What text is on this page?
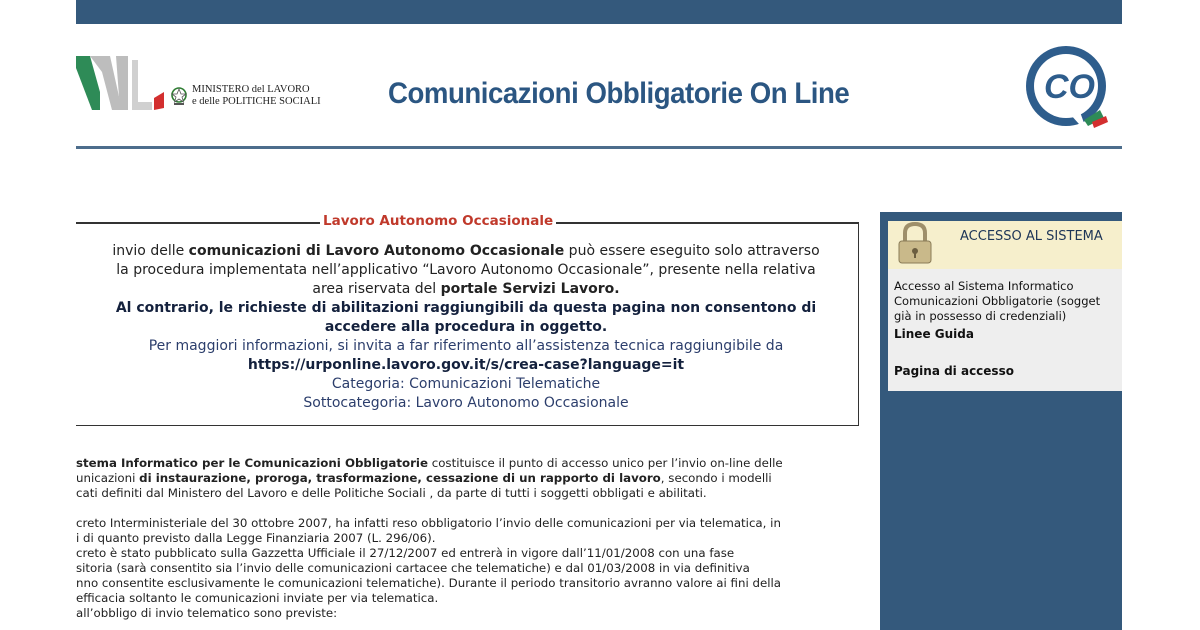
MINISTERO del LAVORO
e delle POLITICHE SOCIALI Comunicazioni Obbligatorie On Line	CO
Lavoro Autonomo Occasionale

invio delle comunicazioni di Lavoro Autonomo Occasionale può essere eseguito solo attraverso

la procedura implementata nell’applicativo “Lavoro Autonomo Occasionale”, presente nella relativa

area riservata del portale Servizi Lavoro.

Al contrario, le richieste di abilitazioni raggiungibili da questa pagina non consentono di

accedere alla procedura in oggetto.

Per maggiori informazioni, si invita a far riferimento all’assistenza tecnica raggiungibile da

https://urponline.lavoro.gov.it/s/crea-case?language=it

Categoria: Comunicazioni Telematiche

Sottocategoria: Lavoro Autonomo Occasionale

stema Informatico per le Comunicazioni Obbligatorie costituisce il punto di accesso unico per l’invio on-line delle
unicazioni di instaurazione, proroga, trasformazione, cessazione di un rapporto di lavoro, secondo i modelli
cati definiti dal Ministero del Lavoro e delle Politiche Sociali , da parte di tutti i soggetti obbligati e abilitati.

creto Interministeriale del 30 ottobre 2007, ha infatti reso obbligatorio l’invio delle comunicazioni per via telematica, in
i di quanto previsto dalla Legge Finanziaria 2007 (L. 296/06).
creto è stato pubblicato sulla Gazzetta Ufficiale il 27/12/2007 ed entrerà in vigore dall’11/01/2008 con una fase
sitoria (sarà consentito sia l’invio delle comunicazioni cartacee che telematiche) e dal 01/03/2008 in via definitiva
nno consentite esclusivamente le comunicazioni telematiche). Durante il periodo transitorio avranno valore ai fini della
efficacia soltanto le comunicazioni inviate per via telematica.
all’obbligo di invio telematico sono previste:

ACCESSO AL SISTEMA
Accesso al Sistema Informatico
Comunicazioni Obbligatorie (sogget
già in possesso di credenziali)
Linee Guida
Pagina di accesso
